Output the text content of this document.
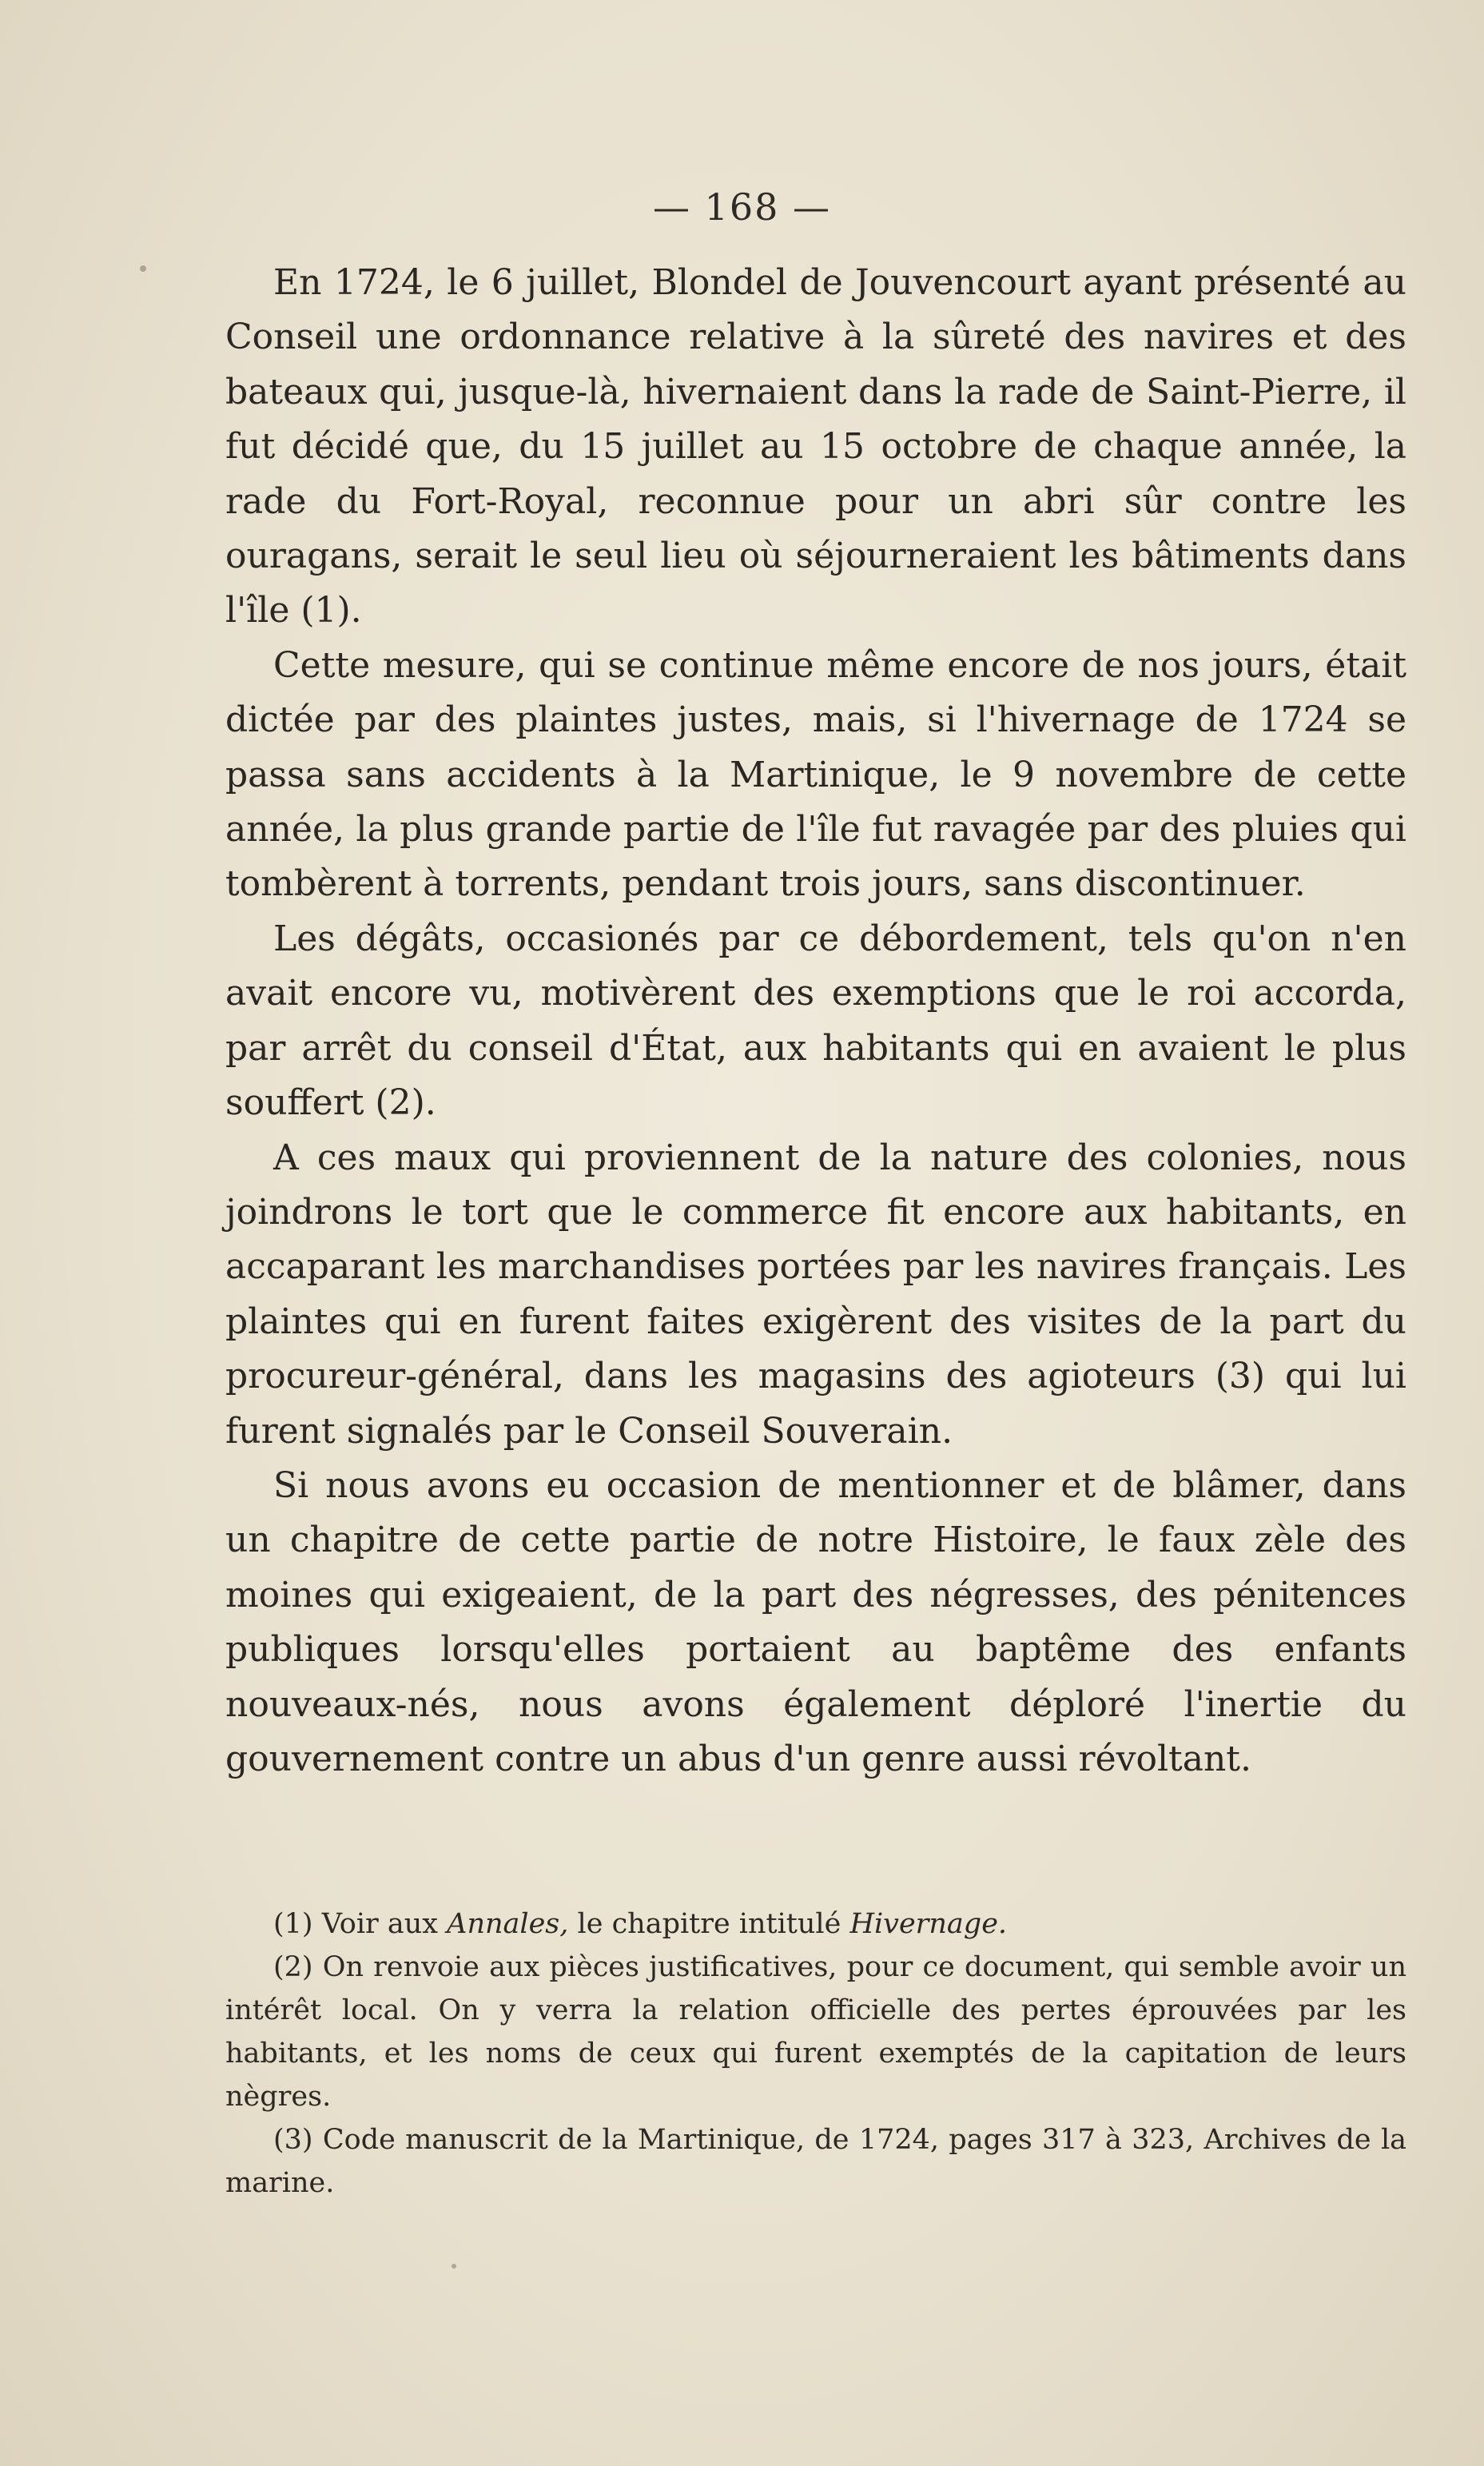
— 168 —

En 1724, le 6 juillet, Blondel de Jouvencourt ayant présenté au Conseil une ordonnance relative à la sûreté des navires et des bateaux qui, jusque-là, hivernaient dans la rade de Saint-Pierre, il fut décidé que, du 15 juillet au 15 octobre de chaque année, la rade du Fort-Royal, reconnue pour un abri sûr contre les ouragans, serait le seul lieu où séjourneraient les bâtiments dans l'île (1).

Cette mesure, qui se continue même encore de nos jours, était dictée par des plaintes justes, mais, si l'hivernage de 1724 se passa sans accidents à la Martinique, le 9 novembre de cette année, la plus grande partie de l'île fut ravagée par des pluies qui tombèrent à torrents, pendant trois jours, sans discontinuer.

Les dégâts, occasionés par ce débordement, tels qu'on n'en avait encore vu, motivèrent des exemptions que le roi accorda, par arrêt du conseil d'État, aux habitants qui en avaient le plus souffert (2).

A ces maux qui proviennent de la nature des colonies, nous joindrons le tort que le commerce fit encore aux habitants, en accaparant les marchandises portées par les navires français. Les plaintes qui en furent faites exigèrent des visites de la part du procureur-général, dans les magasins des agioteurs (3) qui lui furent signalés par le Conseil Souverain.

Si nous avons eu occasion de mentionner et de blâmer, dans un chapitre de cette partie de notre Histoire, le faux zèle des moines qui exigeaient, de la part des négresses, des pénitences publiques lorsqu'elles portaient au baptême des enfants nouveaux-nés, nous avons également déploré l'inertie du gouvernement contre un abus d'un genre aussi révoltant.

(1) Voir aux Annales, le chapitre intitulé Hivernage.

(2) On renvoie aux pièces justificatives, pour ce document, qui semble avoir un intérêt local. On y verra la relation officielle des pertes éprouvées par les habitants, et les noms de ceux qui furent exemptés de la capitation de leurs nègres.

(3) Code manuscrit de la Martinique, de 1724, pages 317 à 323, Archives de la marine.
